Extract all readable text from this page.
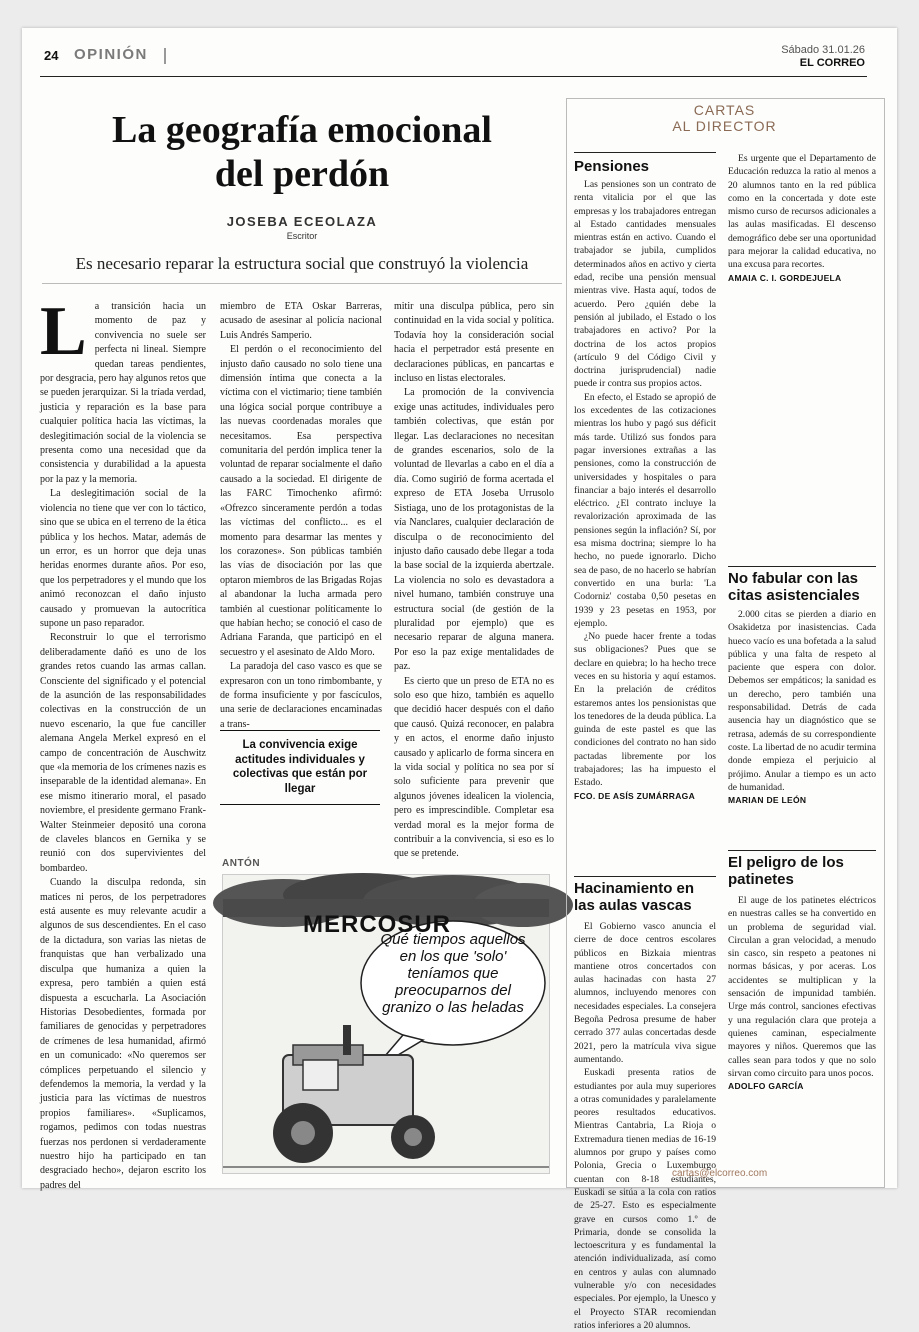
24 OPINIÓN	Sábado 31.01.26
EL CORREO
La geografía emocional
del perdón
JOSEBA ECEOLAZA
Escritor
Es necesario reparar la estructura social que construyó la violencia
L a transición hacia un momento de paz y convivencia no suele ser perfecta ni lineal. Siempre quedan tareas pendientes, por desgracia, pero hay algunos retos que se pueden jerarquizar. Si la tríada verdad, justicia y reparación es la base para cualquier política hacia las víctimas, la deslegitimación social de la violencia se presenta como una necesidad que da consistencia y durabilidad a la apuesta por la paz y la memoria.

La deslegitimación social de la violencia no tiene que ver con lo táctico, sino que se ubica en el terreno de la ética pública y los hechos. Matar, además de un error, es un horror que deja unas heridas enormes durante años. Por eso, que los perpetradores y el mundo que los animó reconozcan el daño injusto causado y promuevan la autocrítica supone un paso reparador.

Reconstruir lo que el terrorismo deliberadamente dañó es uno de los grandes retos cuando las armas callan. Consciente del significado y el potencial de la asunción de las responsabilidades colectivas en la construcción de un nuevo escenario, la que fue canciller alemana Angela Merkel expresó en el campo de concentración de Auschwitz que «la memoria de los crímenes nazis es inseparable de la identidad alemana». En ese mismo itinerario moral, el pasado noviembre, el presidente germano Frank-Walter Steinmeier depositó una corona de claveles blancos en Gernika y se reunió con dos supervivientes del bombardeo.

Cuando la disculpa redonda, sin matices ni peros, de los perpetradores está ausente es muy relevante acudir a algunos de sus descendientes. En el caso de la dictadura, son varias las nietas de franquistas que han verbalizado una disculpa que humaniza a quien la expresa, pero también a quien está dispuesta a escucharla. La Asociación Historias Desobedientes, formada por familiares de genocidas y perpetradores de crímenes de lesa humanidad, afirmó en un comunicado: «No queremos ser cómplices perpetuando el silencio y defendemos la memoria, la verdad y la justicia para las víctimas de nuestros propios familiares». «Suplicamos, rogamos, pedimos con todas nuestras fuerzas nos perdonen si verdaderamente nuestro hijo ha participado en tan desgraciado hecho», dejaron escrito los padres del

miembro de ETA Oskar Barreras, acusado de asesinar al policía nacional Luis Andrés Samperio.

El perdón o el reconocimiento del injusto daño causado no solo tiene una dimensión íntima que conecta a la víctima con el victimario; tiene también una lógica social porque contribuye a las nuevas coordenadas morales que necesitamos. Esa perspectiva comunitaria del perdón implica tener la voluntad de reparar socialmente el daño causado a la sociedad. El dirigente de las FARC Timochenko afirmó: «Ofrezco sinceramente perdón a todas las víctimas del conflicto... es el momento para desarmar las mentes y los corazones». Son públicas también las vías de disociación por las que optaron miembros de las Brigadas Rojas al abandonar la lucha armada pero también al cuestionar políticamente lo que habían hecho; se conoció el caso de Adriana Faranda, que participó en el secuestro y el asesinato de Aldo Moro.

La paradoja del caso vasco es que se expresaron con un tono rimbombante, y de forma insuficiente y por fascículos, una serie de declaraciones encaminadas a trans-

La convivencia exige actitudes individuales y colectivas que están por llegar

mitir una disculpa pública, pero sin continuidad en la vida social y política. Todavía hoy la consideración social hacia el perpetrador está presente en declaraciones públicas, en pancartas e incluso en listas electorales.

La promoción de la convivencia exige unas actitudes, individuales pero también colectivas, que están por llegar. Las declaraciones no necesitan de grandes escenarios, solo de la voluntad de llevarlas a cabo en el día a día. Como sugirió de forma acertada el expreso de ETA Joseba Urrusolo Sistiaga, uno de los protagonistas de la vía Nanclares, cualquier declaración de disculpa o de reconocimiento del injusto daño causado debe llegar a toda la base social de la izquierda abertzale. La violencia no solo es devastadora a nivel humano, también construye una estructura social (de gestión de la pluralidad por ejemplo) que es necesario reparar de alguna manera. Por eso la paz exige mentalidades de paz.

Es cierto que un preso de ETA no es solo eso que hizo, también es aquello que decidió hacer después con el daño que causó. Quizá reconocer, en palabra y en actos, el enorme daño injusto causado y aplicarlo de forma sincera en la vida social y política no sea por sí solo suficiente para prevenir que algunos jóvenes idealicen la violencia, pero es imprescindible. Completar esa verdad moral es la mejor forma de contribuir a la convivencia, si eso es lo que se pretende.

ANTÓN
MERCOSUR
Qué tiempos aquellos en los que 'solo' teníamos que preocuparnos del granizo o las heladas
CARTAS
AL DIRECTOR
Pensiones

Las pensiones son un contrato de renta vitalicia por el que las empresas y los trabajadores entregan al Estado cantidades mensuales mientras están en activo. Cuando el trabajador se jubila, cumplidos determinados años en activo y cierta edad, recibe una pensión mensual mientras vive. Hasta aquí, todos de acuerdo. Pero ¿quién debe la pensión al jubilado, el Estado o los trabajadores en activo? Por la doctrina de los actos propios (artículo 9 del Código Civil y doctrina jurisprudencial) nadie puede ir contra sus propios actos.

En efecto, el Estado se apropió de los excedentes de las cotizaciones mientras los hubo y pagó sus déficit más tarde. Utilizó sus fondos para pagar inversiones extrañas a las pensiones, como la construcción de universidades y hospitales o para financiar a bajo interés el desarrollo eléctrico. ¿El contrato incluye la revalorización aproximada de las pensiones según la inflación? Sí, por esa misma doctrina; siempre lo ha hecho, no puede ignorarlo. Dicho sea de paso, de no hacerlo se habrían convertido en una burla: 'La Codorniz' costaba 0,50 pesetas en 1939 y 23 pesetas en 1953, por ejemplo.

¿No puede hacer frente a todas sus obligaciones? Pues que se declare en quiebra; lo ha hecho trece veces en su historia y aquí estamos. En la prelación de créditos estaremos antes los pensionistas que los tenedores de la deuda pública. La guinda de este pastel es que las condiciones del contrato no han sido pactadas libremente por los trabajadores; las ha impuesto el Estado.

FCO. DE ASÍS ZUMÁRRAGA
Hacinamiento en las aulas vascas

El Gobierno vasco anuncia el cierre de doce centros escolares públicos en Bizkaia mientras mantiene otros concertados con aulas hacinadas con hasta 27 alumnos, incluyendo menores con necesidades especiales. La consejera Begoña Pedrosa presume de haber cerrado 377 aulas concertadas desde 2021, pero la matrícula viva sigue aumentando.

Euskadi presenta ratios de estudiantes por aula muy superiores a otras comunidades y paralelamente peores resultados educativos. Mientras Cantabria, La Rioja o Extremadura tienen medias de 16-19 alumnos por grupo y países como Polonia, Grecia o Luxemburgo cuentan con 8-18 estudiantes, Euskadi se sitúa a la cola con ratios de 25-27. Esto es especialmente grave en cursos como 1.º de Primaria, donde se consolida la lectoescritura y es fundamental la atención individualizada, así como en centros y aulas con alumnado vulnerable y/o con necesidades especiales. Por ejemplo, la Unesco y el Proyecto STAR recomiendan ratios inferiores a 20 alumnos.

Es urgente que el Departamento de Educación reduzca la ratio al menos a 20 alumnos tanto en la red pública como en la concertada y dote este mismo curso de recursos adicionales a las aulas masificadas. El descenso demográfico debe ser una oportunidad para mejorar la calidad educativa, no una excusa para recortes.

AMAIA C. I. GORDEJUELA
No fabular con las citas asistenciales

2.000 citas se pierden a diario en Osakidetza por inasistencias. Cada hueco vacío es una bofetada a la salud pública y una falta de respeto al paciente que espera con dolor. Debemos ser empáticos; la sanidad es un derecho, pero también una responsabilidad. Detrás de cada ausencia hay un diagnóstico que se retrasa, además de su correspondiente coste. La libertad de no acudir termina donde empieza el perjuicio al prójimo. Anular a tiempo es un acto de humanidad.

MARIAN DE LEÓN
El peligro de los patinetes

El auge de los patinetes eléctricos en nuestras calles se ha convertido en un problema de seguridad vial. Circulan a gran velocidad, a menudo sin casco, sin respeto a peatones ni normas básicas, y por aceras. Los accidentes se multiplican y la sensación de impunidad también. Urge más control, sanciones efectivas y una regulación clara que proteja a quienes caminan, especialmente mayores y niños. Queremos que las calles sean para todos y que no solo sirvan como circuito para unos pocos.

ADOLFO GARCÍA
cartas@elcorreo.com
